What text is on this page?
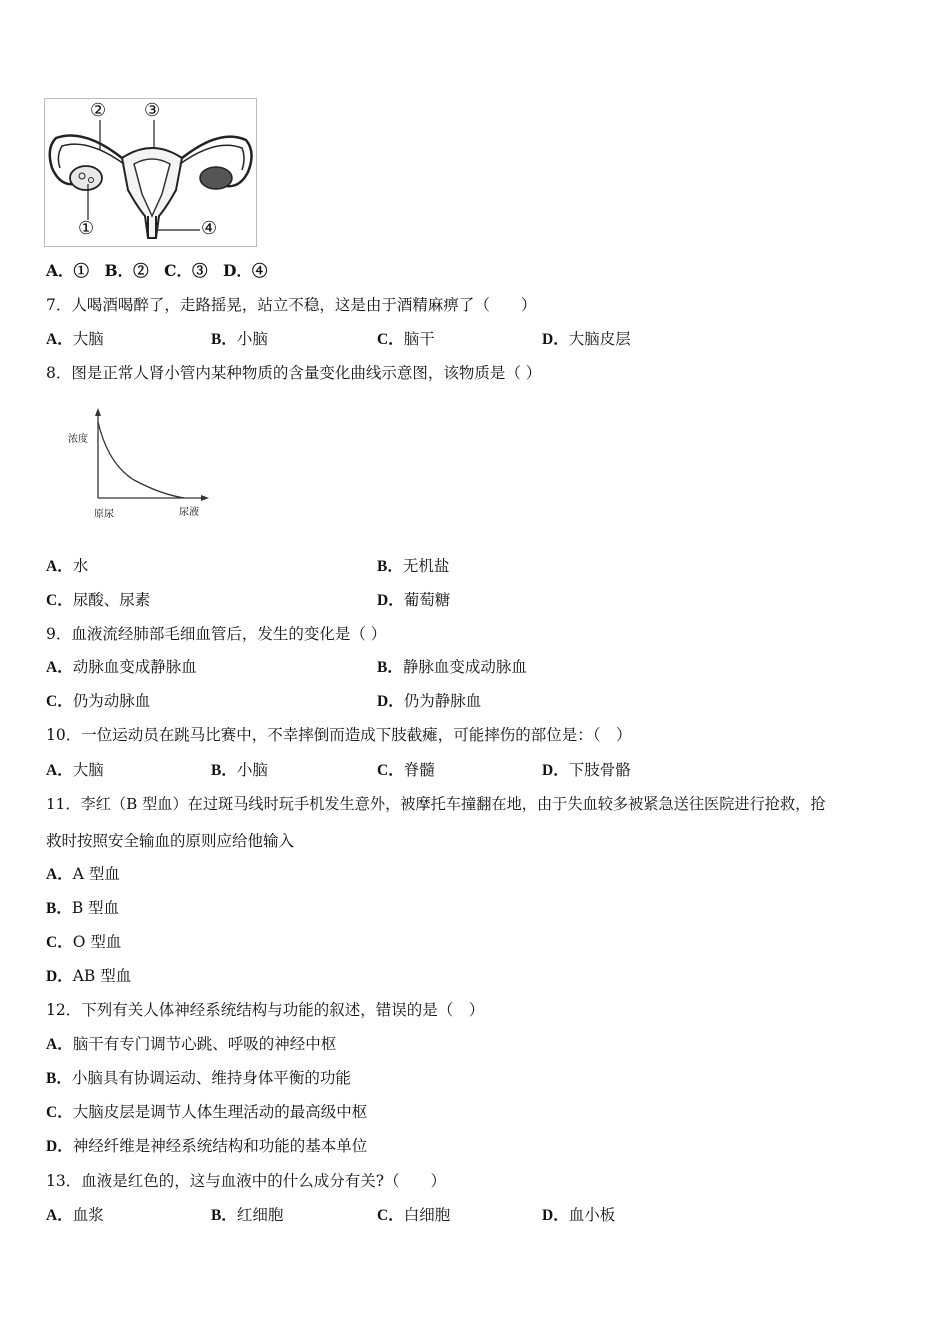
② ③
①	④
A．①　B．②　C．③　D．④
7．人喝酒喝醉了，走路摇晃，站立不稳，这是由于酒精麻痹了（　　）
A．大脑	B．小脑	C．脑干	D．大脑皮层
8．图是正常人肾小管内某种物质的含量变化曲线示意图，该物质是（ ）
浓度
原尿	尿液
A．水	B．无机盐
C．尿酸、尿素	D．葡萄糖
9．血液流经肺部毛细血管后，发生的变化是（ ）
A．动脉血变成静脉血	B．静脉血变成动脉血
C．仍为动脉血	D．仍为静脉血
10．一位运动员在跳马比赛中，不幸摔倒而造成下肢截瘫，可能摔伤的部位是：（　）
A．大脑	B．小脑	C．脊髓	D．下肢骨骼
11．李红（B 型血）在过斑马线时玩手机发生意外，被摩托车撞翻在地，由于失血较多被紧急送往医院进行抢救，抢
救时按照安全输血的原则应给他输入
A．A 型血
B．B 型血
C．O 型血
D．AB 型血
12．下列有关人体神经系统结构与功能的叙述，错误的是（　）
A．脑干有专门调节心跳、呼吸的神经中枢
B．小脑具有协调运动、维持身体平衡的功能
C．大脑皮层是调节人体生理活动的最高级中枢
D．神经纤维是神经系统结构和功能的基本单位
13．血液是红色的，这与血液中的什么成分有关?（　　）
A．血浆	B．红细胞	C．白细胞	D．血小板
